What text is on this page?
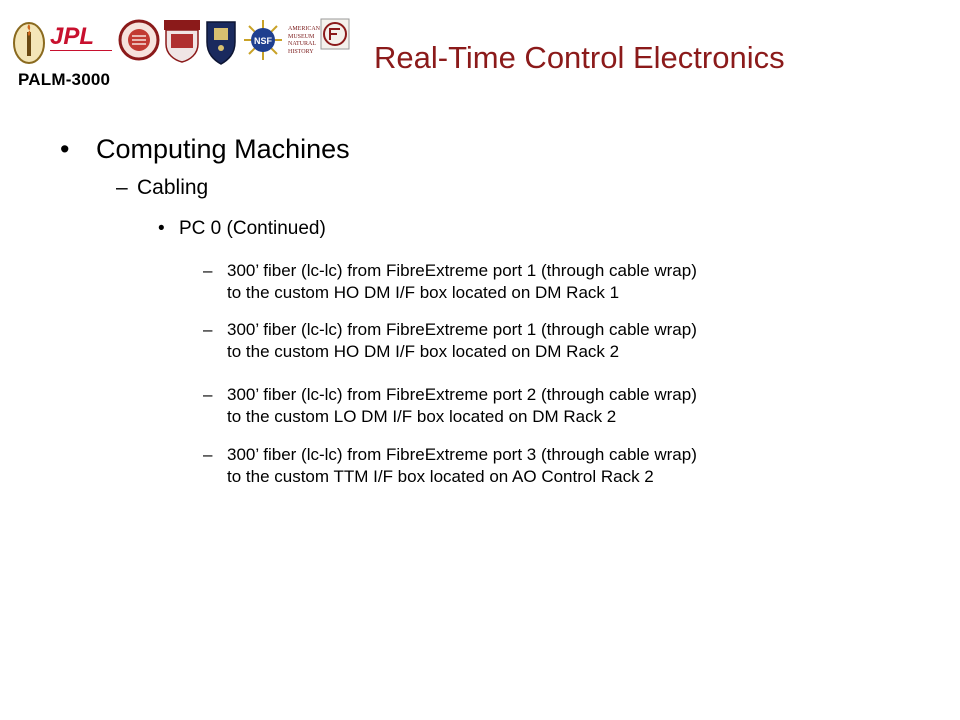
JPL	NSF
AMERICAN MUSEUM NATURAL HISTORY
PALM-3000
Real-Time Control Electronics
• Computing Machines
– Cabling
• PC 0 (Continued)
– 300’ fiber (lc-lc) from FibreExtreme port 1 (through cable wrap)
to the custom HO DM I/F box located on DM Rack 1
– 300’ fiber (lc-lc) from FibreExtreme port 1 (through cable wrap)
to the custom HO DM I/F box located on DM Rack 2
– 300’ fiber (lc-lc) from FibreExtreme port 2 (through cable wrap)
to the custom LO DM I/F box located on DM Rack 2
– 300’ fiber (lc-lc) from FibreExtreme port 3 (through cable wrap)
to the custom TTM I/F box located on AO Control Rack 2
